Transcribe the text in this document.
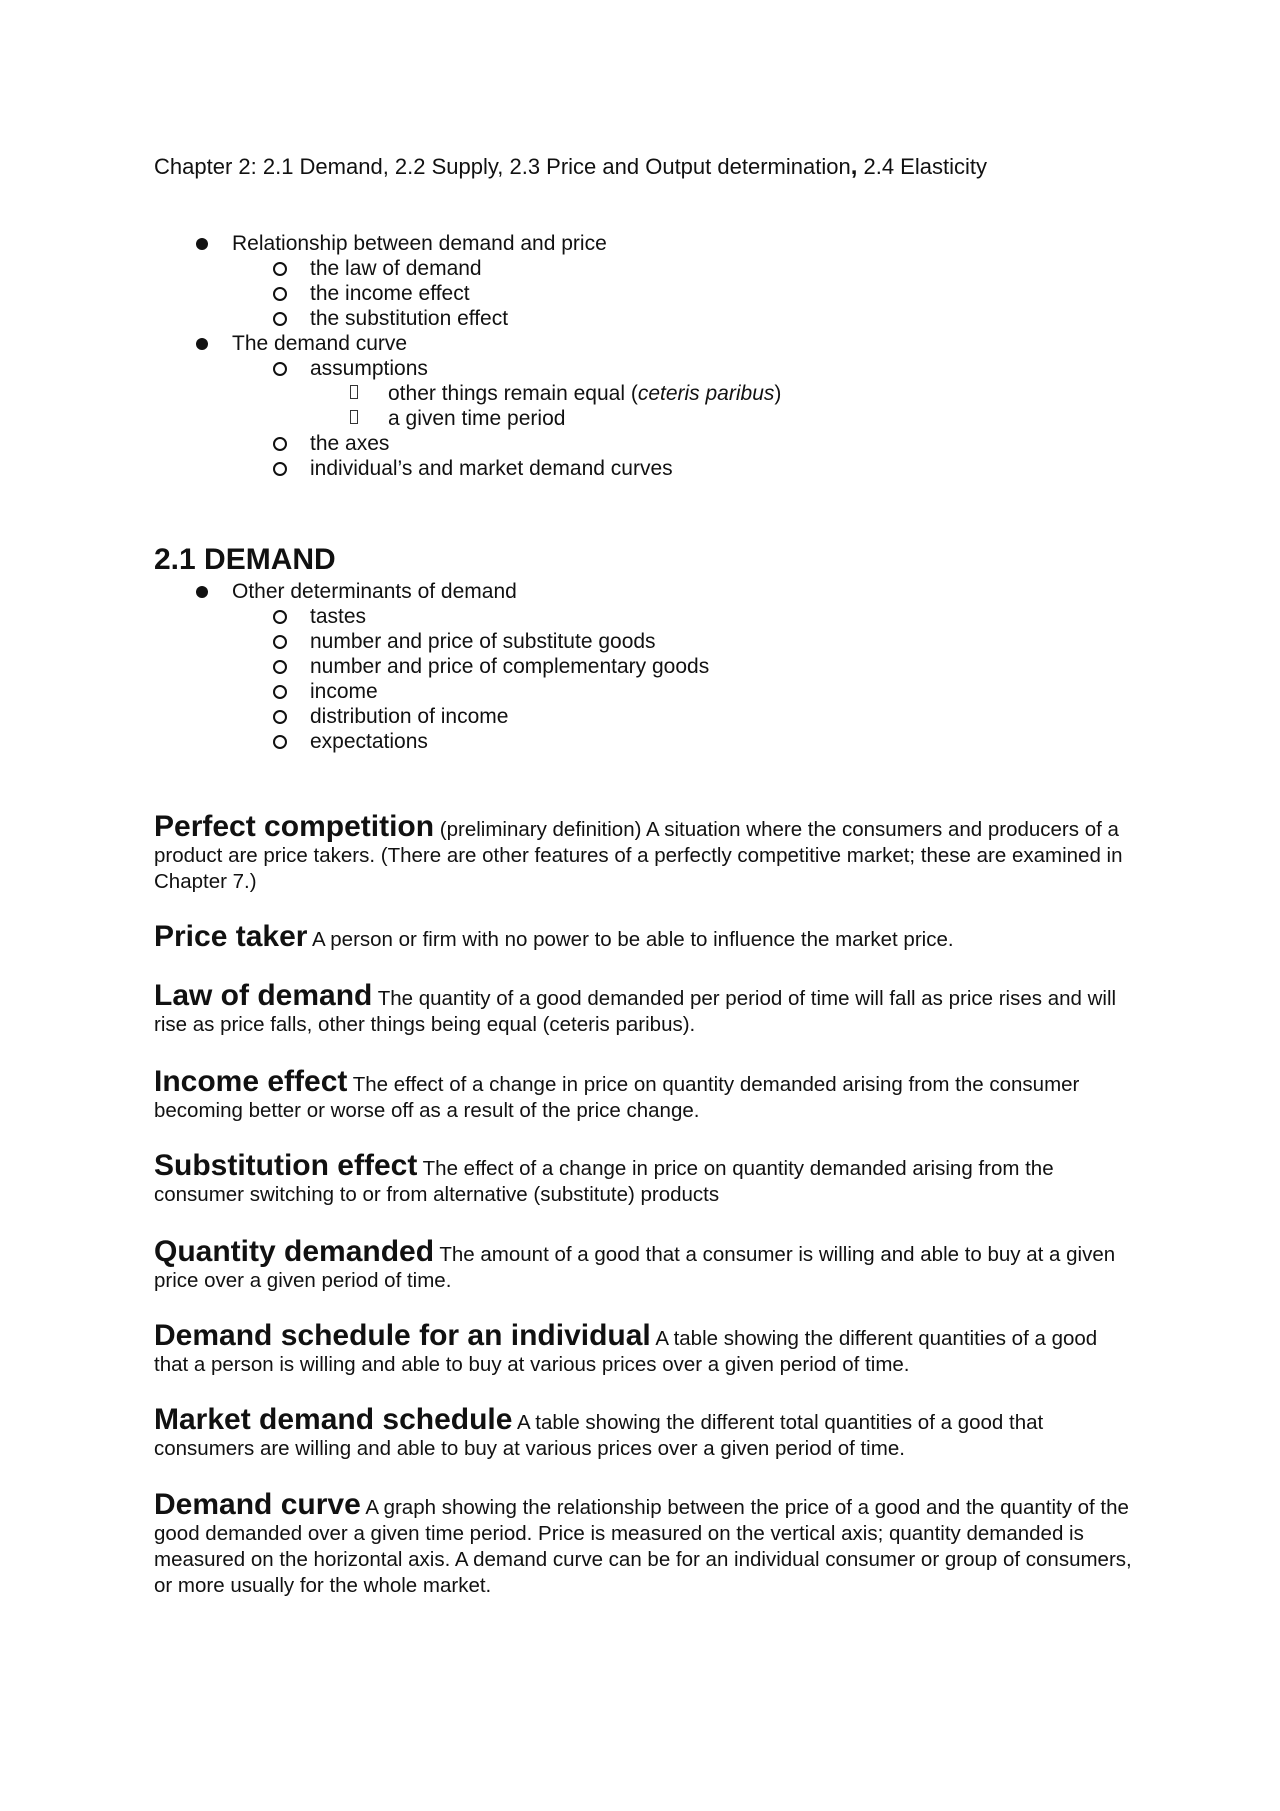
Chapter 2: 2.1 Demand, 2.2 Supply, 2.3 Price and Output determination, 2.4 Elasticity
Relationship between demand and price
the law of demand
the income effect
the substitution effect
The demand curve
assumptions
other things remain equal (ceteris paribus)
a given time period
the axes
individual’s and market demand curves
2.1 DEMAND
Other determinants of demand
tastes
number and price of substitute goods
number and price of complementary goods
income
distribution of income
expectations
Perfect competition (preliminary definition) A situation where the consumers and producers of a product are price takers. (There are other features of a perfectly competitive market; these are examined in Chapter 7.)
Price taker A person or firm with no power to be able to influence the market price.
Law of demand The quantity of a good demanded per period of time will fall as price rises and will rise as price falls, other things being equal (ceteris paribus).
Income effect The effect of a change in price on quantity demanded arising from the consumer becoming better or worse off as a result of the price change.
Substitution effect The effect of a change in price on quantity demanded arising from the consumer switching to or from alternative (substitute) products
Quantity demanded The amount of a good that a consumer is willing and able to buy at a given price over a given period of time.
Demand schedule for an individual A table showing the different quantities of a good that a person is willing and able to buy at various prices over a given period of time.
Market demand schedule A table showing the different total quantities of a good that consumers are willing and able to buy at various prices over a given period of time.
Demand curve A graph showing the relationship between the price of a good and the quantity of the good demanded over a given time period. Price is measured on the vertical axis; quantity demanded is measured on the horizontal axis. A demand curve can be for an individual consumer or group of consumers, or more usually for the whole market.
